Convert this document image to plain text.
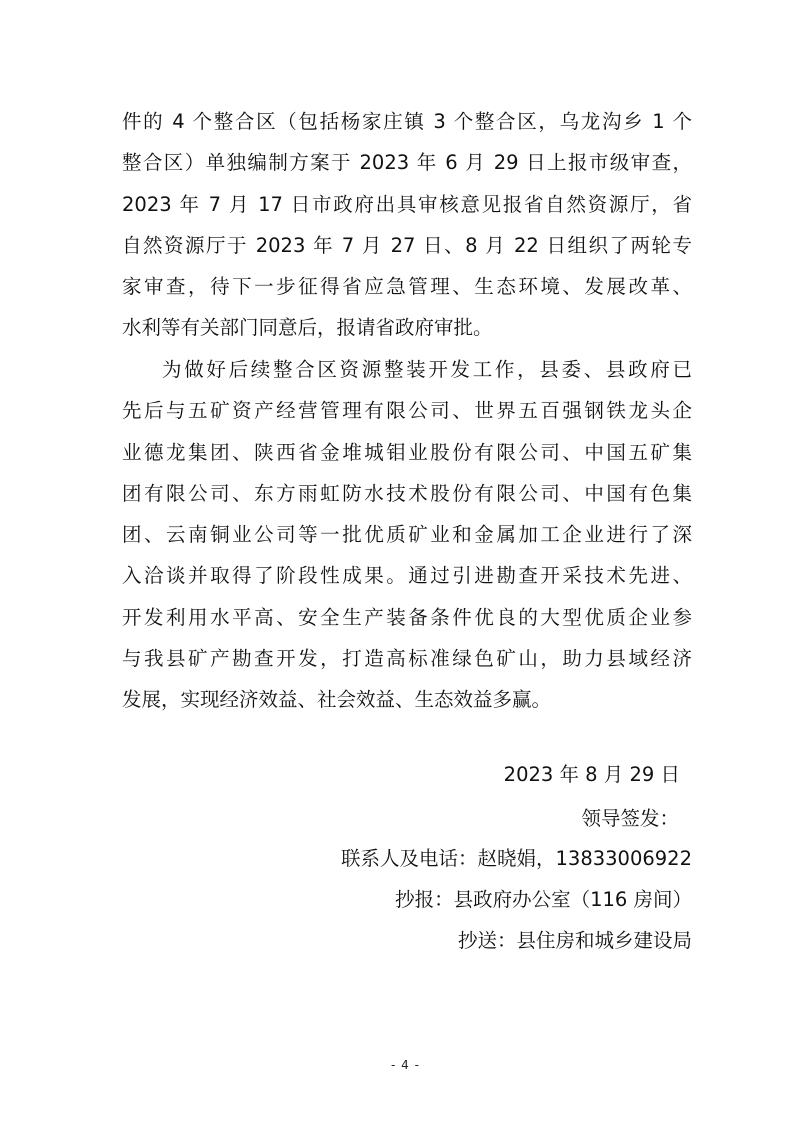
件的 4 个整合区（包括杨家庄镇 3 个整合区，乌龙沟乡 1 个
整合区）单独编制方案于 2023 年 6 月 29 日上报市级审查，
2023 年 7 月 17 日市政府出具审核意见报省自然资源厅，省
自然资源厅于 2023 年 7 月 27 日、8 月 22 日组织了两轮专
家审查，待下一步征得省应急管理、生态环境、发展改革、
水利等有关部门同意后，报请省政府审批。
为做好后续整合区资源整装开发工作，县委、县政府已
先后与五矿资产经营管理有限公司、世界五百强钢铁龙头企
业德龙集团、陕西省金堆城钼业股份有限公司、中国五矿集
团有限公司、东方雨虹防水技术股份有限公司、中国有色集
团、云南铜业公司等一批优质矿业和金属加工企业进行了深
入洽谈并取得了阶段性成果。通过引进勘查开采技术先进、
开发利用水平高、安全生产装备条件优良的大型优质企业参
与我县矿产勘查开发，打造高标准绿色矿山，助力县域经济
发展，实现经济效益、社会效益、生态效益多赢。
2023 年 8 月 29 日
领导签发：
联系人及电话：赵晓娟，13833006922
抄报：县政府办公室（116 房间）
抄送：县住房和城乡建设局
- 4 -
